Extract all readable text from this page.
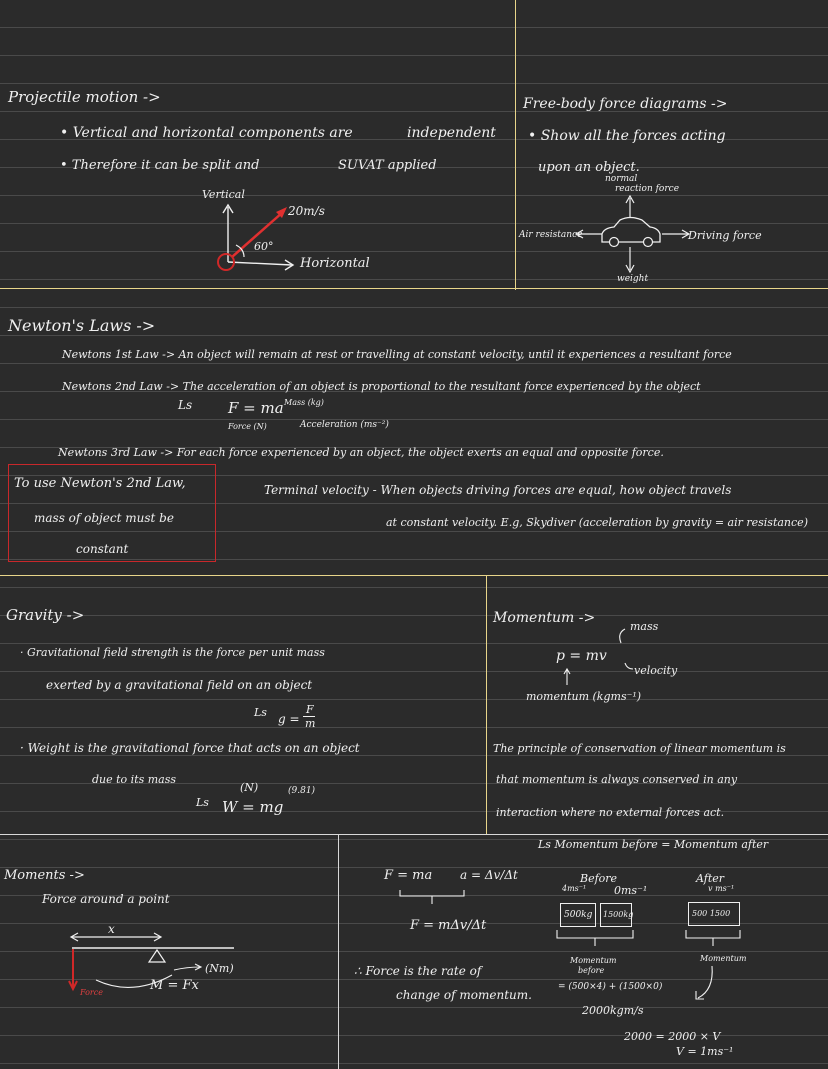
Projectile motion ->
• Vertical and horizontal components are	independent
• Therefore it can be split and	SUVAT applied
Vertical
20m/s
60°
Horizontal
Free-body force diagrams ->
• Show all the forces acting
upon an object.
normal
reaction force
Air resistance	Driving force
weight
Newton's Laws ->
Newtons 1st Law -> An object will remain at rest or travelling at constant velocity, until it experiences a resultant force
Newtons 2nd Law -> The acceleration of an object is proportional to the resultant force experienced by the object
Ls F = ma Mass (kg)
Force (N)	Acceleration (ms⁻²)
Newtons 3rd Law -> For each force experienced by an object, the object exerts an equal and opposite force.
To use Newton's 2nd Law,
mass of object must be
constant
Terminal velocity - When objects driving forces are equal, how object travels
at constant velocity. E.g, Skydiver (acceleration by gravity = air resistance)
Gravity ->
· Gravitational field strength is the force per unit mass
exerted by a gravitational field on an object
Ls g =
F
m
· Weight is the gravitational force that acts on an object
due to its mass
(N)	(9.81)
Ls W = mg
Momentum ->
mass
p = mv
velocity
momentum (kgms⁻¹)
The principle of conservation of linear momentum is
that momentum is always conserved in any
interaction where no external forces act.
Ls Momentum before = Momentum after
Moments ->
Force around a point
x
(Nm)
M = Fx
Force
F = ma a = Δv/Δt
F = mΔv/Δt
∴ Force is the rate of
change of momentum.
Before
4ms⁻¹	0ms⁻¹
500kg 1500kg
Momentum
before
= (500×4) + (1500×0)
2000kgm/s
After
v ms⁻¹
500 1500
Momentum
2000 = 2000 × V
V = 1ms⁻¹
